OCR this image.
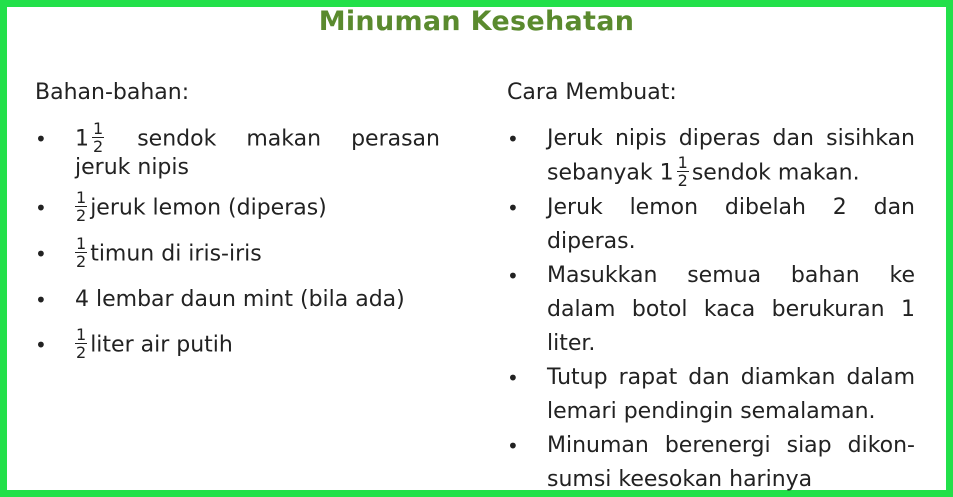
Minuman Kesehatan
Bahan-bahan:
•	$1 \frac{1}{2}$ sendok makan perasan
jeruk nipis
•	$\frac{1}{2}$ jeruk lemon (diperas)
•	$\frac{1}{2}$ timun di iris-iris
•	4 lembar daun mint (bila ada)
•	$\frac{1}{2}$ liter air putih
Cara Membuat:
•	Jeruk nipis diperas dan sisihkan
sebanyak $1 \frac{1}{2}$ sendok makan.
•	Jeruk lemon dibelah 2 dan
diperas.
•	Masukkan semua bahan ke
dalam botol kaca berukuran 1
liter.
•	Tutup rapat dan diamkan dalam
lemari pendingin semalaman.
•	Minuman berenergi siap dikon-
sumsi keesokan harinya
